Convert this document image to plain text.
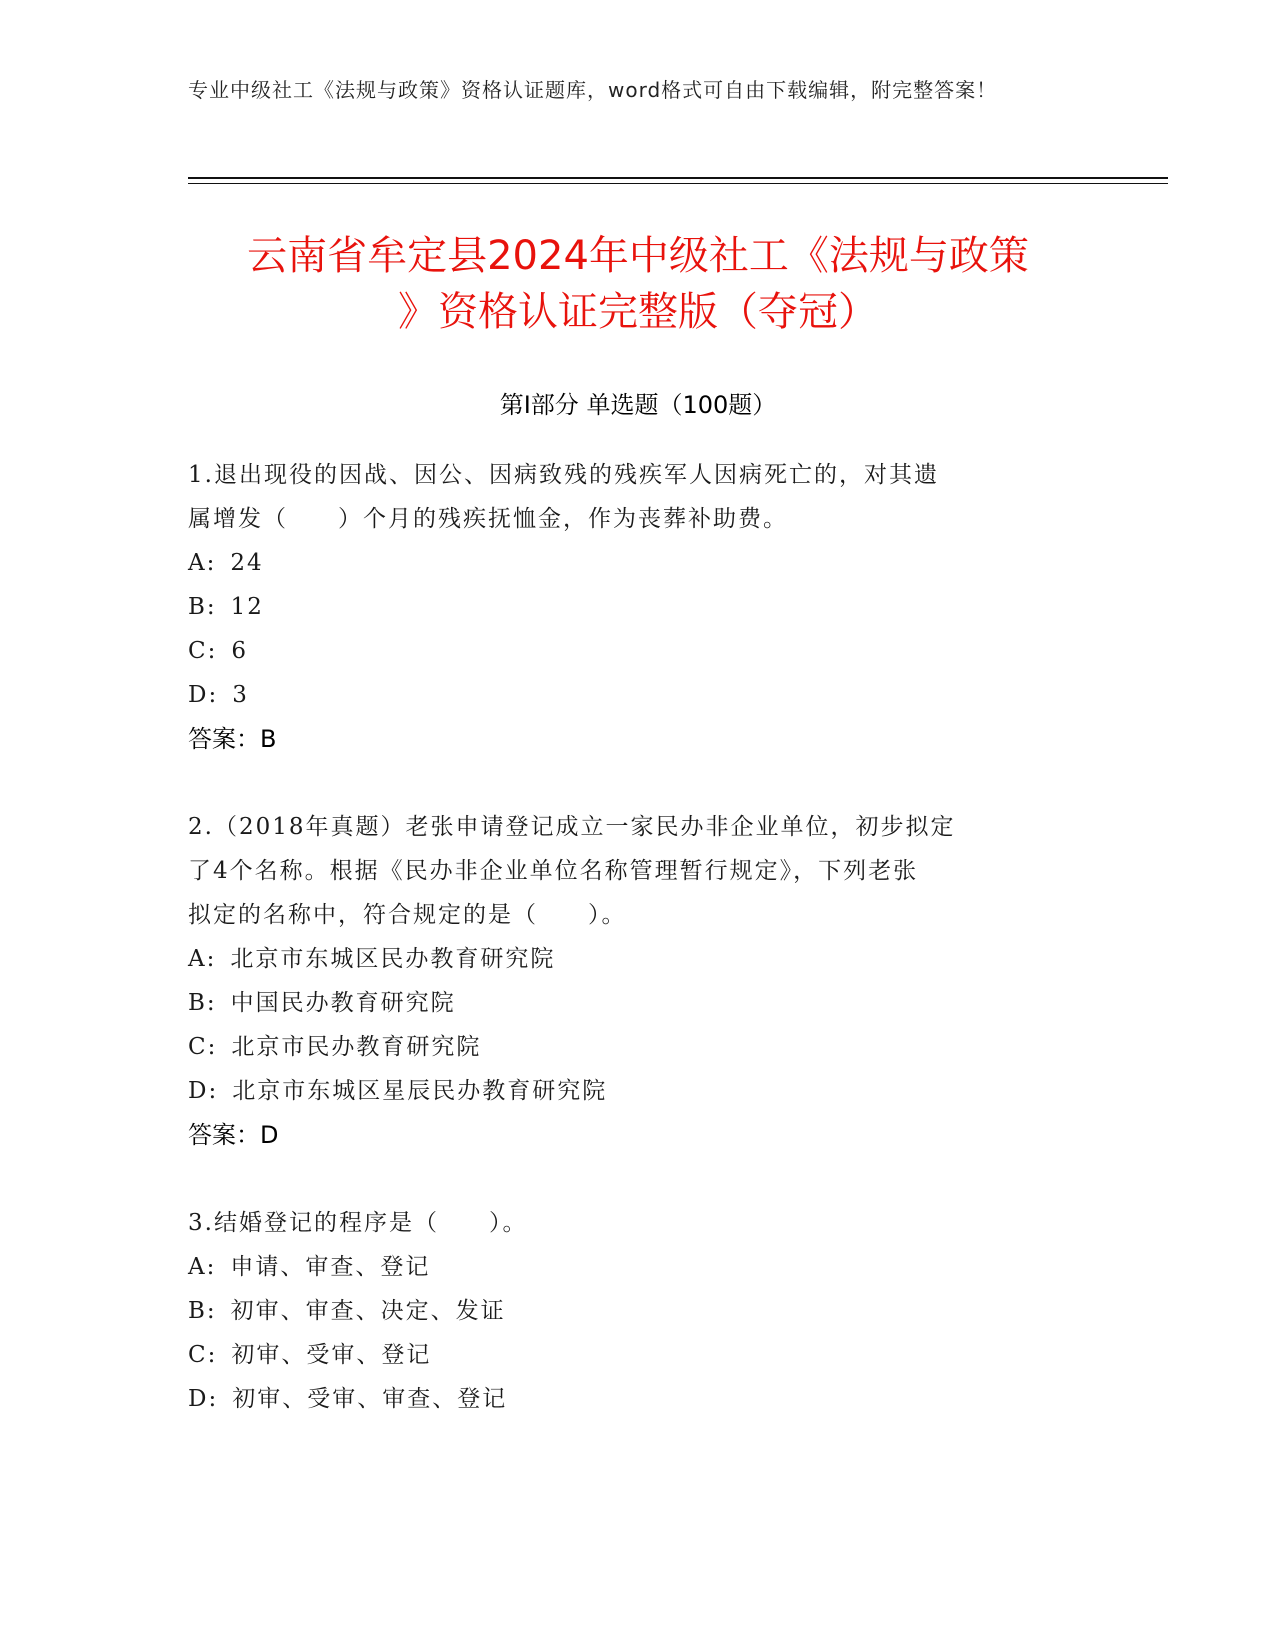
专业中级社工《法规与政策》资格认证题库，word格式可自由下载编辑，附完整答案！
云南省牟定县2024年中级社工《法规与政策
》资格认证完整版（夺冠）
第Ⅰ部分 单选题（100题）

1.退出现役的因战、因公、因病致残的残疾军人因病死亡的，对其遗

属增发（　　）个月的残疾抚恤金，作为丧葬补助费。

A: 24
B: 12
C: 6
D: 3
答案：B

2.（2018年真题）老张申请登记成立一家民办非企业单位，初步拟定

了4个名称。根据《民办非企业单位名称管理暂行规定》，下列老张

拟定的名称中，符合规定的是（　　）。

A: 北京市东城区民办教育研究院
B: 中国民办教育研究院
C: 北京市民办教育研究院
D: 北京市东城区星辰民办教育研究院
答案：D

3.结婚登记的程序是（　　）。

A: 申请、审查、登记
B: 初审、审查、决定、发证
C: 初审、受审、登记
D: 初审、受审、审查、登记
